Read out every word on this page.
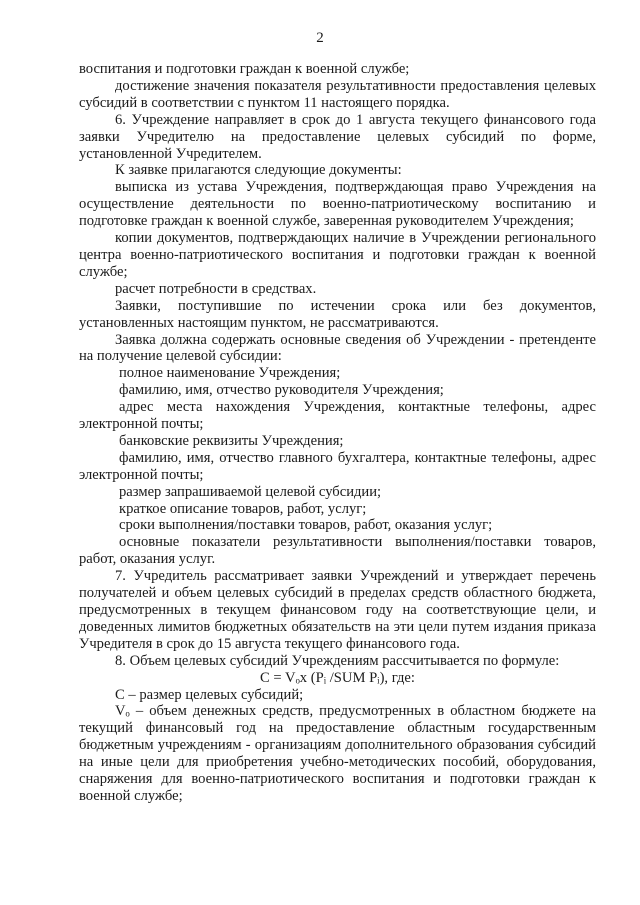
2

воспитания и подготовки граждан к военной службе;

достижение значения показателя результативности предоставления целевых субсидий в соответствии с пунктом 11 настоящего порядка.

6. Учреждение направляет в срок до 1 августа текущего финансового года заявки Учредителю на предоставление целевых субсидий по форме, установленной Учредителем.

К заявке прилагаются следующие документы:

выписка из устава Учреждения, подтверждающая право Учреждения на осуществление деятельности по военно-патриотическому воспитанию и подготовке граждан к военной службе, заверенная руководителем Учреждения;

копии документов, подтверждающих наличие в Учреждении регионального центра военно-патриотического воспитания и подготовки граждан к военной службе;

расчет потребности в средствах.

Заявки, поступившие по истечении срока или без документов, установленных настоящим пунктом, не рассматриваются.

Заявка должна содержать основные сведения об Учреждении - претенденте на получение целевой субсидии:

полное наименование Учреждения;

фамилию, имя, отчество руководителя Учреждения;

адрес места нахождения Учреждения, контактные телефоны, адрес электронной почты;

банковские реквизиты Учреждения;

фамилию, имя, отчество главного бухгалтера, контактные телефоны, адрес электронной почты;

размер запрашиваемой целевой субсидии;

краткое описание товаров, работ, услуг;

сроки выполнения/поставки товаров, работ, оказания услуг;

основные показатели результативности выполнения/поставки товаров, работ, оказания услуг.

7. Учредитель рассматривает заявки Учреждений и утверждает перечень получателей и объем целевых субсидий в пределах средств областного бюджета, предусмотренных в текущем финансовом году на соответствующие цели, и доведенных лимитов бюджетных обязательств на эти цели путем издания приказа Учредителя в срок до 15 августа текущего финансового года.

8. Объем целевых субсидий Учреждениям рассчитывается по формуле:

C = Vₒx (Pᵢ /SUM Pᵢ), где:

C – размер целевых субсидий;

Vₒ – объем денежных средств, предусмотренных в областном бюджете на текущий финансовый год на предоставление областным государственным бюджетным учреждениям - организациям дополнительного образования субсидий на иные цели для приобретения учебно-методических пособий, оборудования, снаряжения для военно-патриотического воспитания и подготовки граждан к военной службе;
